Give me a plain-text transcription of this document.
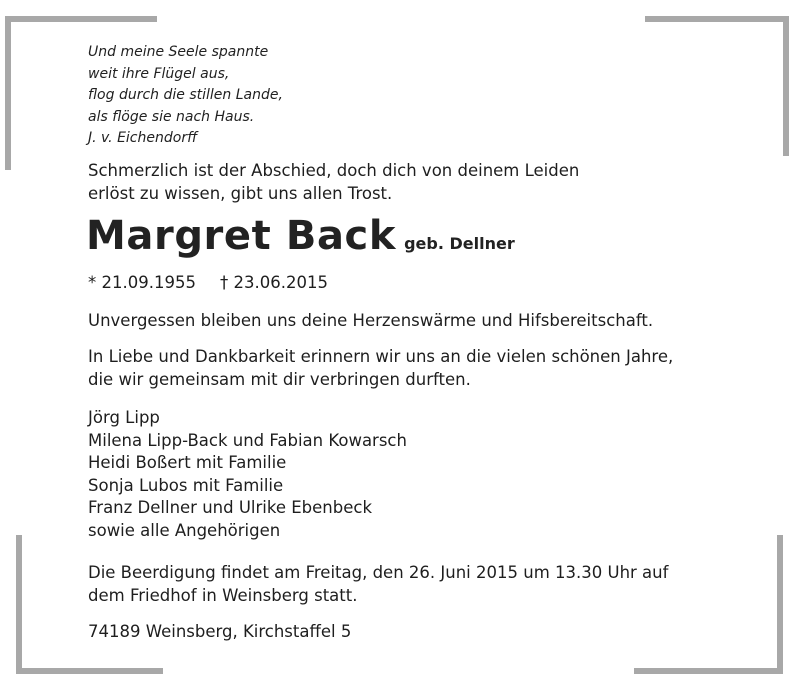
Und meine Seele spannte
weit ihre Flügel aus,
flog durch die stillen Lande,
als flöge sie nach Haus.
J. v. Eichendorff
Schmerzlich ist der Abschied, doch dich von deinem Leiden
erlöst zu wissen, gibt uns allen Trost.
Margret Back geb. Dellner
* 21.09.1955 † 23.06.2015
Unvergessen bleiben uns deine Herzenswärme und Hifsbereitschaft.
In Liebe und Dankbarkeit erinnern wir uns an die vielen schönen Jahre,
die wir gemeinsam mit dir verbringen durften.
Jörg Lipp
Milena Lipp-Back und Fabian Kowarsch
Heidi Boßert mit Familie
Sonja Lubos mit Familie
Franz Dellner und Ulrike Ebenbeck
sowie alle Angehörigen
Die Beerdigung findet am Freitag, den 26. Juni 2015 um 13.30 Uhr auf
dem Friedhof in Weinsberg statt.
74189 Weinsberg, Kirchstaffel 5
